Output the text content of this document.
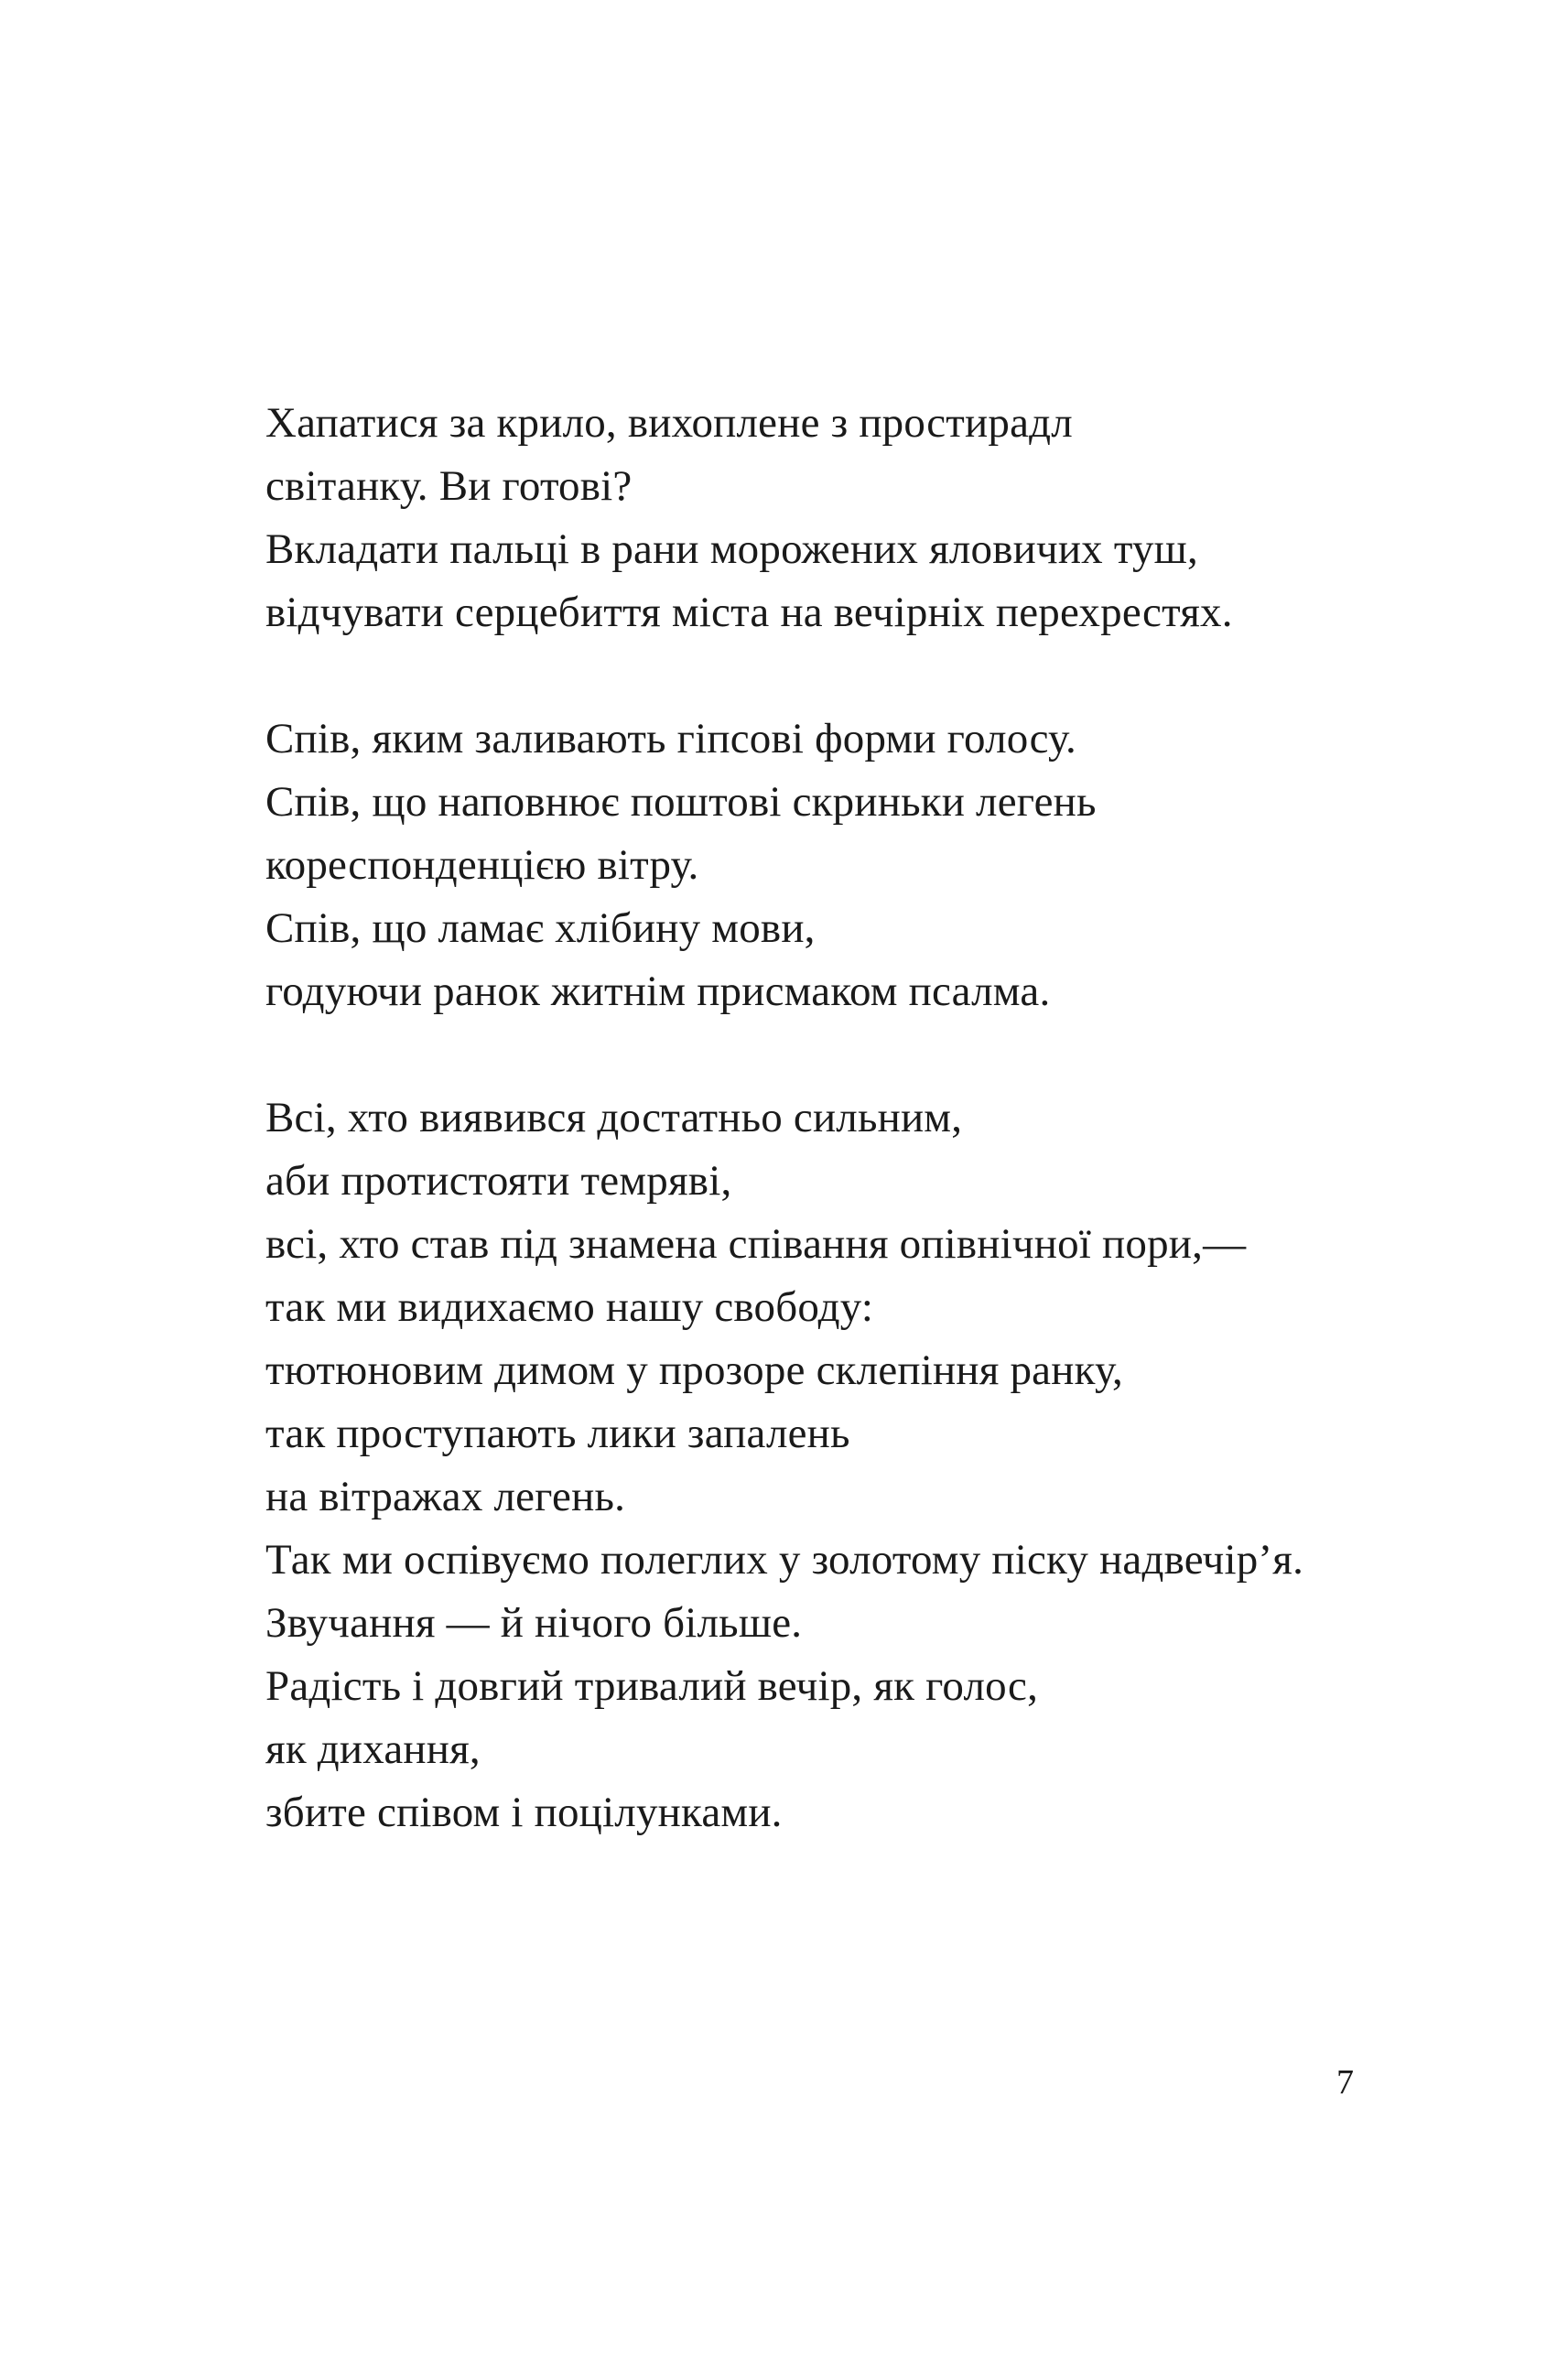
Хапатися за крило, вихоплене з простирадл
світанку. Ви готові?
Вкладати пальці в рани морожених яловичих туш,
відчувати серцебиття міста на вечірніх перехрестях.
Спів, яким заливають гіпсові форми голосу.
Спів, що наповнює поштові скриньки легень
кореспонденцією вітру.
Спів, що ламає хлібину мови,
годуючи ранок житнім присмаком псалма.
Всі, хто виявився достатньо сильним,
аби протистояти темряві,
всі, хто став під знамена співання опівнічної пори,—
так ми видихаємо нашу свободу:
тютюновим димом у прозоре склепіння ранку,
так проступають лики запалень
на вітражах легень.
Так ми оспівуємо полеглих у золотому піску надвечір’я.
Звучання — й нічого більше.
Радість і довгий тривалий вечір, як голос,
як дихання,
збите співом і поцілунками.
7
